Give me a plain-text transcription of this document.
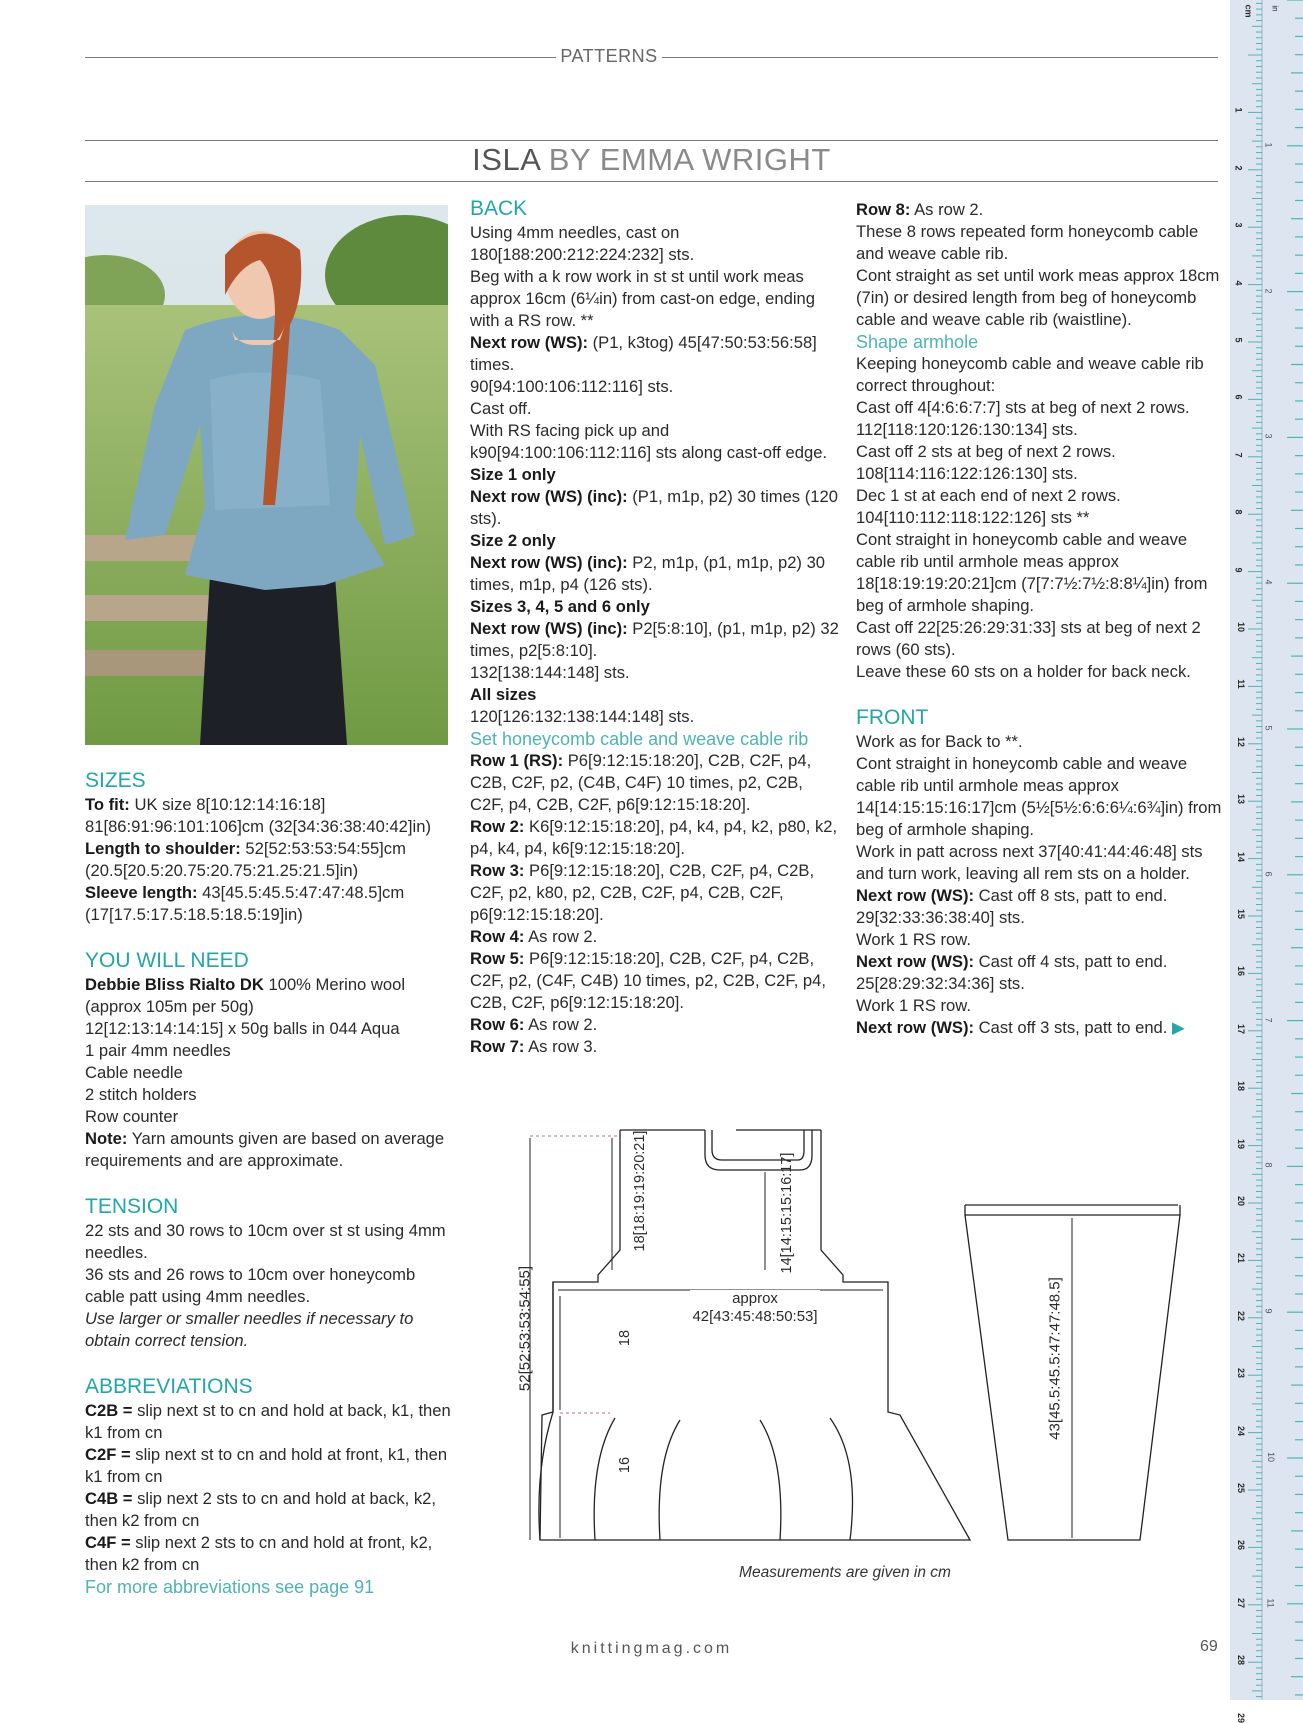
PATTERNS
ISLA BY EMMA WRIGHT

SIZES

To fit: UK size 8[10:12:14:16:18] 81[86:91:96:101:106]cm (32[34:36:38:40:42]in)

Length to shoulder: 52[52:53:53:54:55]cm (20.5[20.5:20.75:20.75:21.25:21.5]in)

Sleeve length: 43[45.5:45.5:47:47:48.5]cm (17[17.5:17.5:18.5:18.5:19]in)

YOU WILL NEED

Debbie Bliss Rialto DK 100% Merino wool (approx 105m per 50g)

12[12:13:14:14:15] x 50g balls in 044 Aqua

1 pair 4mm needles

Cable needle

2 stitch holders

Row counter

Note: Yarn amounts given are based on average requirements and are approximate.

TENSION

22 sts and 30 rows to 10cm over st st using 4mm needles.

36 sts and 26 rows to 10cm over honeycomb cable patt using 4mm needles.

Use larger or smaller needles if necessary to obtain correct tension.

ABBREVIATIONS

C2B = slip next st to cn and hold at back, k1, then k1 from cn

C2F = slip next st to cn and hold at front, k1, then k1 from cn

C4B = slip next 2 sts to cn and hold at back, k2, then k2 from cn

C4F = slip next 2 sts to cn and hold at front, k2, then k2 from cn

For more abbreviations see page 91

BACK

Using 4mm needles, cast on 180[188:200:212:224:232] sts.

Beg with a k row work in st st until work meas approx 16cm (6¼in) from cast-on edge, ending with a RS row. **

Next row (WS): (P1, k3tog) 45[47:50:53:56:58] times.

90[94:100:106:112:116] sts.

Cast off.

With RS facing pick up and k90[94:100:106:112:116] sts along cast-off edge.

Size 1 only

Next row (WS) (inc): (P1, m1p, p2) 30 times (120 sts).

Size 2 only

Next row (WS) (inc): P2, m1p, (p1, m1p, p2) 30 times, m1p, p4 (126 sts).

Sizes 3, 4, 5 and 6 only

Next row (WS) (inc): P2[5:8:10], (p1, m1p, p2) 32 times, p2[5:8:10].

132[138:144:148] sts.

All sizes

120[126:132:138:144:148] sts.

Set honeycomb cable and weave cable rib

Row 1 (RS): P6[9:12:15:18:20], C2B, C2F, p4, C2B, C2F, p2, (C4B, C4F) 10 times, p2, C2B, C2F, p4, C2B, C2F, p6[9:12:15:18:20].

Row 2: K6[9:12:15:18:20], p4, k4, p4, k2, p80, k2, p4, k4, p4, k6[9:12:15:18:20].

Row 3: P6[9:12:15:18:20], C2B, C2F, p4, C2B, C2F, p2, k80, p2, C2B, C2F, p4, C2B, C2F, p6[9:12:15:18:20].

Row 4: As row 2.

Row 5: P6[9:12:15:18:20], C2B, C2F, p4, C2B, C2F, p2, (C4F, C4B) 10 times, p2, C2B, C2F, p4, C2B, C2F, p6[9:12:15:18:20].

Row 6: As row 2.

Row 7: As row 3.

Row 8: As row 2.

These 8 rows repeated form honeycomb cable and weave cable rib.

Cont straight as set until work meas approx 18cm (7in) or desired length from beg of honeycomb cable and weave cable rib (waistline).

Shape armhole

Keeping honeycomb cable and weave cable rib correct throughout:

Cast off 4[4:6:6:7:7] sts at beg of next 2 rows.

112[118:120:126:130:134] sts.

Cast off 2 sts at beg of next 2 rows.

108[114:116:122:126:130] sts.

Dec 1 st at each end of next 2 rows.

104[110:112:118:122:126] sts **

Cont straight in honeycomb cable and weave cable rib until armhole meas approx 18[18:19:19:20:21]cm (7[7:7½:7½:8:8¼]in) from beg of armhole shaping.

Cast off 22[25:26:29:31:33] sts at beg of next 2 rows (60 sts).

Leave these 60 sts on a holder for back neck.

FRONT

Work as for Back to **.

Cont straight in honeycomb cable and weave cable rib until armhole meas approx 14[14:15:15:16:17]cm (5½[5½:6:6:6¼:6¾]in) from beg of armhole shaping.

Work in patt across next 37[40:41:44:46:48] sts and turn work, leaving all rem sts on a holder.

Next row (WS): Cast off 8 sts, patt to end.

29[32:33:36:38:40] sts.

Work 1 RS row.

Next row (WS): Cast off 4 sts, patt to end.

25[28:29:32:34:36] sts.

Work 1 RS row.

Next row (WS): Cast off 3 sts, patt to end. ▶

52[52:53:53:54:55]
18[18:19:19:20:21]	14[14:15:15:16:17]
18
16
43[45.5:45.5:47:47:48.5]
approx
42[43:45:48:50:53]
Measurements are given in cm
knittingmag.com	69
1
2
3
4
5
6
7
8
9
10
11
12
13
14
15
16
17
18
19
20
21
22
23
24
25
26
27
28
29
1
2
3
4
5
6
7
8
9
10
11
cm in
